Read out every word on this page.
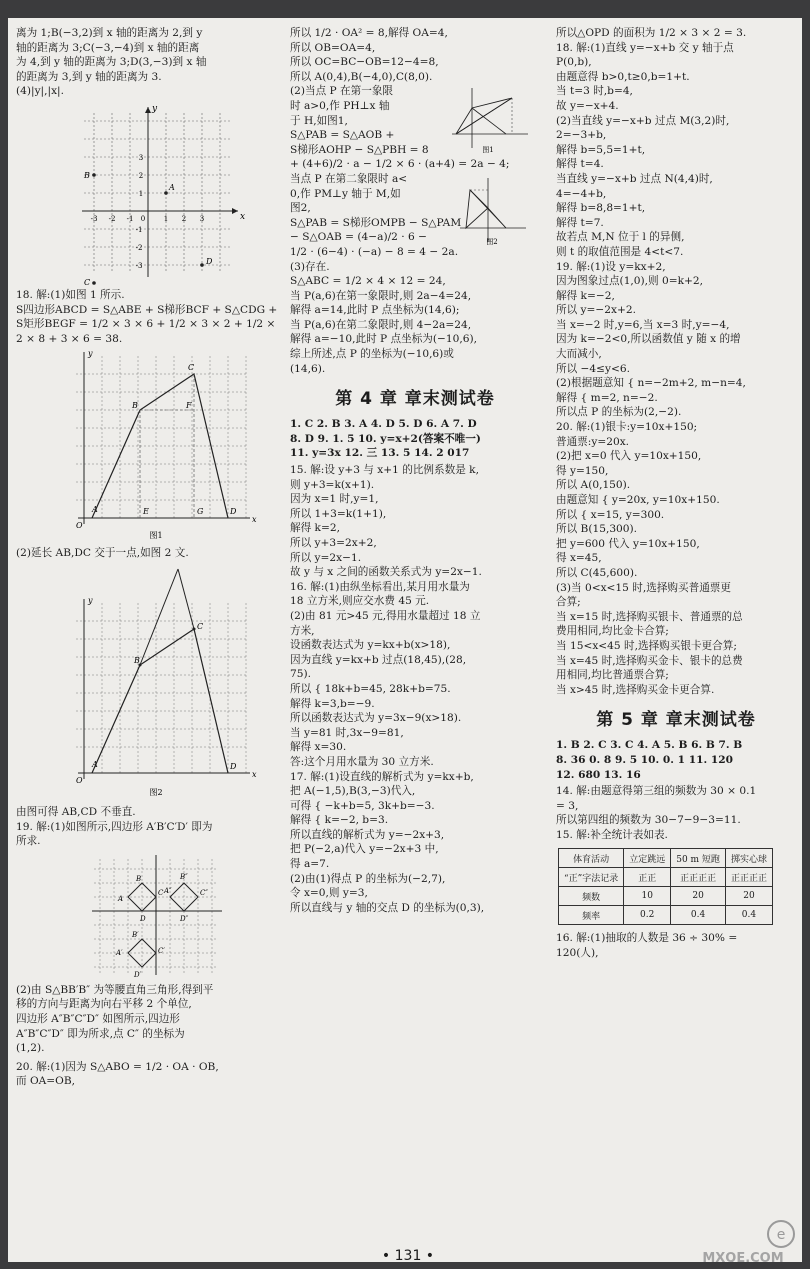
离为 1;B(−3,2)到 x 轴的距离为 2,到 y
轴的距离为 3;C(−3,−4)到 x 轴的距离
为 4,到 y 轴的距离为 3;D(3,−3)到 x 轴
的距离为 3,到 y 轴的距离为 3.
(4)|y|,|x|.
x
y
-3 -2 -1 0	1 2 3
3
2
1
-1
-2
-3
A
B
C
D
18. 解:(1)如图 1 所示.
S四边形ABCD = S△ABE + S梯形BCF + S△CDG +
S矩形BEGF = 1/2 × 3 × 6 + 1/2 × 3 × 2 + 1/2 ×
2 × 8 + 3 × 6 = 38.
A
B
C
D
E
F
G
O
x
y
图1
(2)延长 AB,DC 交于一点,如图 2 文.
A
B
C
D
O
x
y
图2
由图可得 AB,CD 不垂直.
19. 解:(1)如图所示,四边形 A′B′C′D′ 即为
所求.
A
B
C
D
A′
B′
C′
D′
A″
B″
C″
D″
(2)由 S△BB′B″ 为等腰直角三角形,得到平
移的方向与距离为向右平移 2 个单位,
四边形 A″B″C″D″ 如图所示,四边形
A″B″C″D″ 即为所求,点 C″ 的坐标为
(1,2).
20. 解:(1)因为 S△ABO = 1/2 · OA · OB,
而 OA=OB,
所以 1/2 · OA² = 8,解得 OA=4,
所以 OB=OA=4,
所以 OC=BC−OB=12−4=8,
所以 A(0,4),B(−4,0),C(8,0).
(2)当点 P 在第一象限
时 a>0,作 PH⊥x 轴
于 H,如图1,
S△PAB = S△AOB +
S梯形AOHP − S△PBH = 8
+ (4+6)/2 · a − 1/2 × 6 · (a+4) = 2a − 4;
当点 P 在第二象限时 a<
0,作 PM⊥y 轴于 M,如
图2,
S△PAB = S梯形OMPB − S△PAM
− S△OAB = (4−a)/2 · 6 −
1/2 · (6−4) · (−a) − 8 = 4 − 2a.
(3)存在.
S△ABC = 1/2 × 4 × 12 = 24,
当 P(a,6)在第一象限时,则 2a−4=24,
解得 a=14,此时 P 点坐标为(14,6);
当 P(a,6)在第二象限时,则 4−2a=24,
解得 a=−10,此时 P 点坐标为(−10,6),
综上所述,点 P 的坐标为(−10,6)或
(14,6).
图1
图2
第 4 章 章末测试卷
1. C 2. B 3. A 4. D 5. D 6. A 7. D
8. D 9. 1. 5 10. y=x+2(答案不唯一)
11. y=3x 12. 三 13. 5 14. 2 017
15. 解:设 y+3 与 x+1 的比例系数是 k,
则 y+3=k(x+1).
因为 x=1 时,y=1,
所以 1+3=k(1+1),
解得 k=2,
所以 y+3=2x+2,
所以 y=2x−1.
故 y 与 x 之间的函数关系式为 y=2x−1.
16. 解:(1)由纵坐标看出,某月用水量为
18 立方米,则应交水费 45 元.
(2)由 81 元>45 元,得用水量超过 18 立
方米,
设函数表达式为 y=kx+b(x>18),
因为直线 y=kx+b 过点(18,45),(28,
75).
所以 { 18k+b=45, 28k+b=75.
解得 k=3,b=−9.
所以函数表达式为 y=3x−9(x>18).
当 y=81 时,3x−9=81,
解得 x=30.
答:这个月用水量为 30 立方米.
17. 解:(1)设直线的解析式为 y=kx+b,
把 A(−1,5),B(3,−3)代入,
可得 { −k+b=5, 3k+b=−3.
解得 { k=−2, b=3.
所以直线的解析式为 y=−2x+3,
把 P(−2,a)代入 y=−2x+3 中,
得 a=7.
(2)由(1)得点 P 的坐标为(−2,7),
令 x=0,则 y=3,
所以直线与 y 轴的交点 D 的坐标为(0,3),
所以△OPD 的面积为 1/2 × 3 × 2 = 3.
18. 解:(1)直线 y=−x+b 交 y 轴于点
P(0,b),
由题意得 b>0,t≥0,b=1+t.
当 t=3 时,b=4,
故 y=−x+4.
(2)当直线 y=−x+b 过点 M(3,2)时,
2=−3+b,
解得 b=5,5=1+t,
解得 t=4.
当直线 y=−x+b 过点 N(4,4)时,
4=−4+b,
解得 b=8,8=1+t,
解得 t=7.
故若点 M,N 位于 l 的异侧,
则 t 的取值范围是 4<t<7.
19. 解:(1)设 y=kx+2,
因为图象过点(1,0),则 0=k+2,
解得 k=−2,
所以 y=−2x+2.
当 x=−2 时,y=6,当 x=3 时,y=−4,
因为 k=−2<0,所以函数值 y 随 x 的增
大而减小,
所以 −4≤y<6.
(2)根据题意知 { n=−2m+2, m−n=4,
解得 { m=2, n=−2.
所以点 P 的坐标为(2,−2).
20. 解:(1)银卡:y=10x+150;
普通票:y=20x.
(2)把 x=0 代入 y=10x+150,
得 y=150,
所以 A(0,150).
由题意知 { y=20x, y=10x+150.
所以 { x=15, y=300.
所以 B(15,300).
把 y=600 代入 y=10x+150,
得 x=45,
所以 C(45,600).
(3)当 0<x<15 时,选择购买普通票更
合算;
当 x=15 时,选择购买银卡、普通票的总
费用相同,均比金卡合算;
当 15<x<45 时,选择购买银卡更合算;
当 x=45 时,选择购买金卡、银卡的总费
用相同,均比普通票合算;
当 x>45 时,选择购买金卡更合算.
第 5 章 章末测试卷
1. B 2. C 3. C 4. A 5. B 6. B 7. B
8. 36 0. 8 9. 5 10. 0. 1 11. 120
12. 680 13. 16
14. 解:由题意得第三组的频数为 30 × 0.1
= 3,
所以第四组的频数为 30−7−9−3=11.
15. 解:补全统计表如表.
体育活动	立定跳远	50 m 短跑	掷实心球
“正”字法记录	正正	正正正正	正正正正
频数	10	20	20
频率	0.2	0.4	0.4
16. 解:(1)抽取的人数是 36 ÷ 30% =
120(人),
• 131 •
e
MXQE.COM
